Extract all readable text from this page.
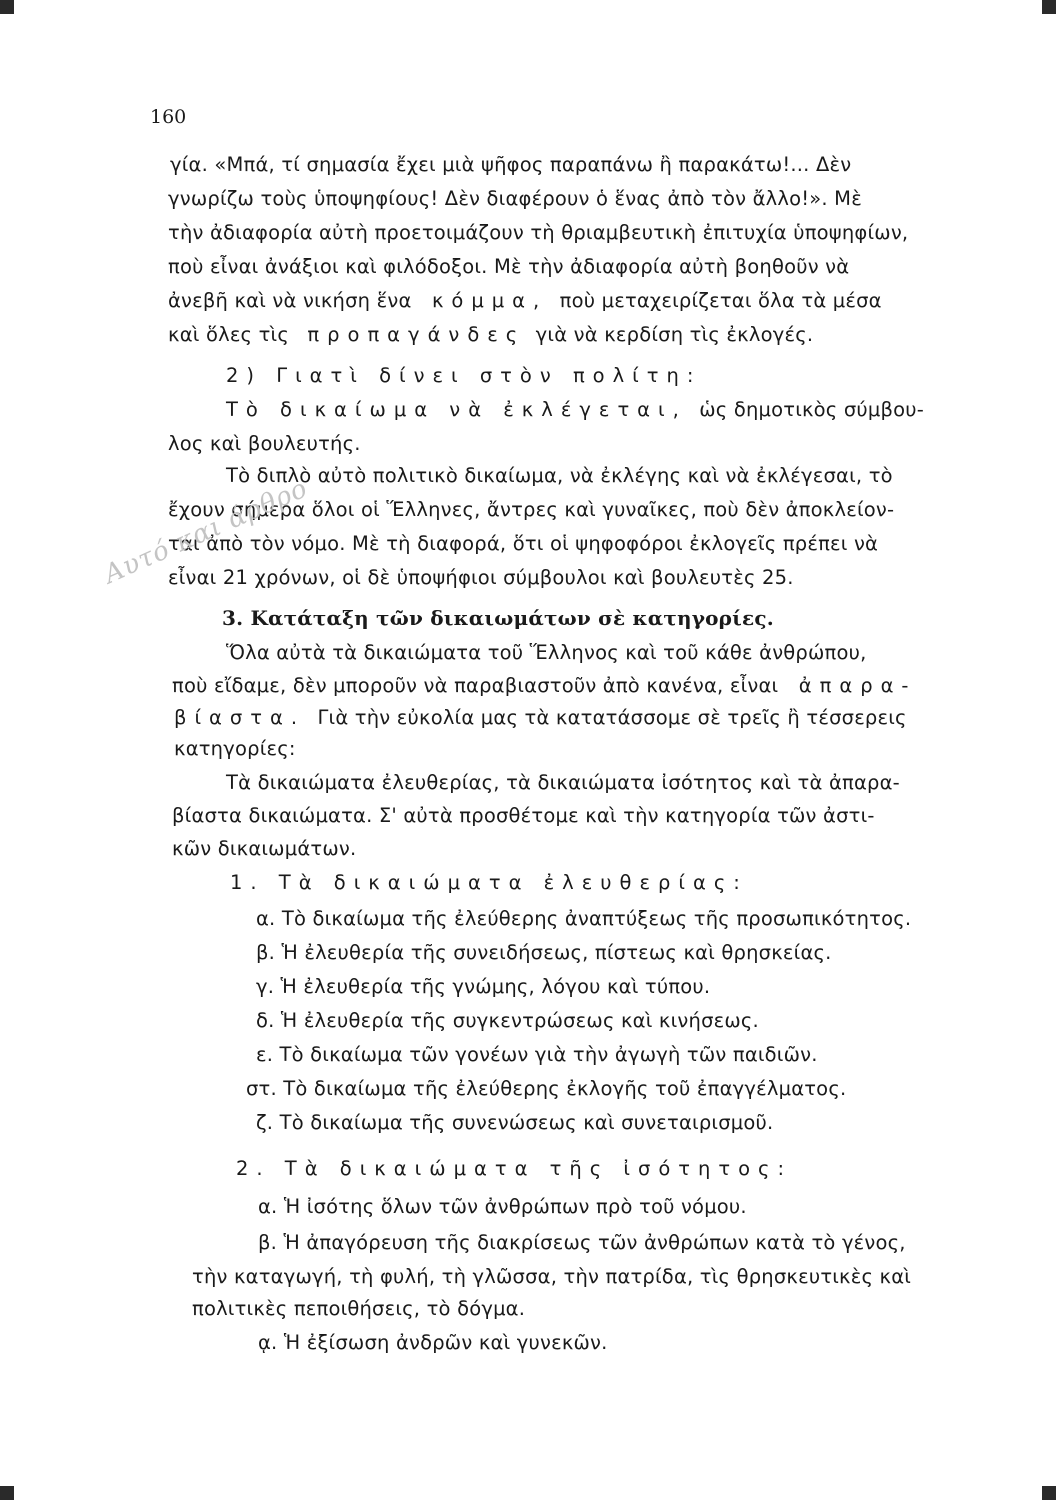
160
γία. «Μπά, τί σημασία ἔχει μιὰ ψῆφος παραπάνω ἢ παρακάτω!... Δὲν
γνωρίζω τοὺς ὑποψηφίους! Δὲν διαφέρουν ὁ ἕνας ἀπὸ τὸν ἄλλο!». Μὲ
τὴν ἀδιαφορία αὐτὴ προετοιμάζουν τὴ θριαμβευτικὴ ἐπιτυχία ὑποψηφίων,
ποὺ εἶναι ἀνάξιοι καὶ φιλόδοξοι. Μὲ τὴν ἀδιαφορία αὐτὴ βοηθοῦν νὰ
ἀνεβῆ καὶ νὰ νικήση ἕνα κόμμα, ποὺ μεταχειρίζεται ὅλα τὰ μέσα
καὶ ὅλες τὶς προπαγάνδες γιὰ νὰ κερδίση τὶς ἐκλογές.
2) Γιατὶ δίνει στὸν πολίτη:
Τὸ δικαίωμα νὰ ἐκλέγεται, ὡς δημοτικὸς σύμβου-
λος καὶ βουλευτής.
Τὸ διπλὸ αὐτὸ πολιτικὸ δικαίωμα, νὰ ἐκλέγης καὶ νὰ ἐκλέγεσαι, τὸ
ἔχουν σήμερα ὅλοι οἱ Ἕλληνες, ἄντρες καὶ γυναῖκες, ποὺ δὲν ἀποκλείον-
ται ἀπὸ τὸν νόμο. Μὲ τὴ διαφορά, ὅτι οἱ ψηφοφόροι ἐκλογεῖς πρέπει νὰ
εἶναι 21 χρόνων, οἱ δὲ ὑποψήφιοι σύμβουλοι καὶ βουλευτὲς 25.
Αυτό και άρθρο
3. Κατάταξη τῶν δικαιωμάτων σὲ κατηγορίες.
Ὅλα αὐτὰ τὰ δικαιώματα τοῦ Ἕλληνος καὶ τοῦ κάθε ἀνθρώπου,
ποὺ εἴδαμε, δὲν μποροῦν νὰ παραβιαστοῦν ἀπὸ κανένα, εἶναι ἀπαρα-
βίαστα. Γιὰ τὴν εὐκολία μας τὰ κατατάσσομε σὲ τρεῖς ἢ τέσσερεις
κατηγορίες:
Τὰ δικαιώματα ἐλευθερίας, τὰ δικαιώματα ἰσότητος καὶ τὰ ἀπαρα-
βίαστα δικαιώματα. Σ' αὐτὰ προσθέτομε καὶ τὴν κατηγορία τῶν ἀστι-
κῶν δικαιωμάτων.
1. Τὰ δικαιώματα ἐλευθερίας:
α. Τὸ δικαίωμα τῆς ἐλεύθερης ἀναπτύξεως τῆς προσωπικότητος.
β. Ἡ ἐλευθερία τῆς συνειδήσεως, πίστεως καὶ θρησκείας.
γ. Ἡ ἐλευθερία τῆς γνώμης, λόγου καὶ τύπου.
δ. Ἡ ἐλευθερία τῆς συγκεντρώσεως καὶ κινήσεως.
ε. Τὸ δικαίωμα τῶν γονέων γιὰ τὴν ἀγωγὴ τῶν παιδιῶν.
στ. Τὸ δικαίωμα τῆς ἐλεύθερης ἐκλογῆς τοῦ ἐπαγγέλματος.
ζ. Τὸ δικαίωμα τῆς συνενώσεως καὶ συνεταιρισμοῦ.
2. Τὰ δικαιώματα τῆς ἰσότητος:
α. Ἡ ἰσότης ὅλων τῶν ἀνθρώπων πρὸ τοῦ νόμου.
β. Ἡ ἀπαγόρευση τῆς διακρίσεως τῶν ἀνθρώπων κατὰ τὸ γένος,
τὴν καταγωγή, τὴ φυλή, τὴ γλῶσσα, τὴν πατρίδα, τὶς θρησκευτικὲς καὶ
πολιτικὲς πεποιθήσεις, τὸ δόγμα.
ᾳ. Ἡ ἐξίσωση ἀνδρῶν καὶ γυνεκῶν.
